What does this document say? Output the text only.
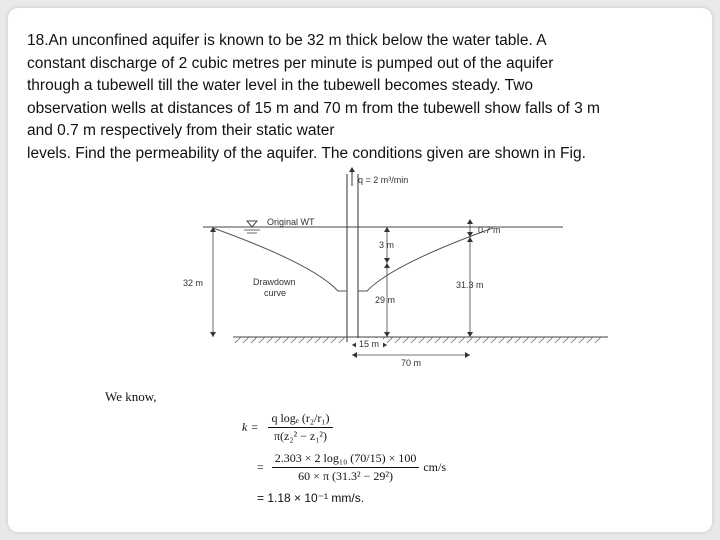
18.An unconfined aquifer is known to be 32 m thick below the water table. A
constant discharge of 2 cubic metres per minute is pumped out of the aquifer
through a tubewell till the water level in the tubewell becomes steady. Two
observation wells at distances of 15 m and 70 m from the tubewell show falls of 3 m
and 0.7 m respectively from their static water
levels. Find the permeability of the aquifer. The conditions given are shown in Fig.
Original WT
q = 2 m³/min
Drawdown
curve
32 m
3 m
29 m
0.7 m
31.3 m
15 m
70 m
We know,
$k = \frac{\text{q logₑ (r₂/r₁)}}{\text{π(z₂² − z₁²)}}$
= $\frac{\text{2.303 × 2 log₁₀ (70/15) × 100}}{\text{60 × π (31.3² − 29²)}} cm/s$
= 1.18 × 10⁻¹ mm/s.
